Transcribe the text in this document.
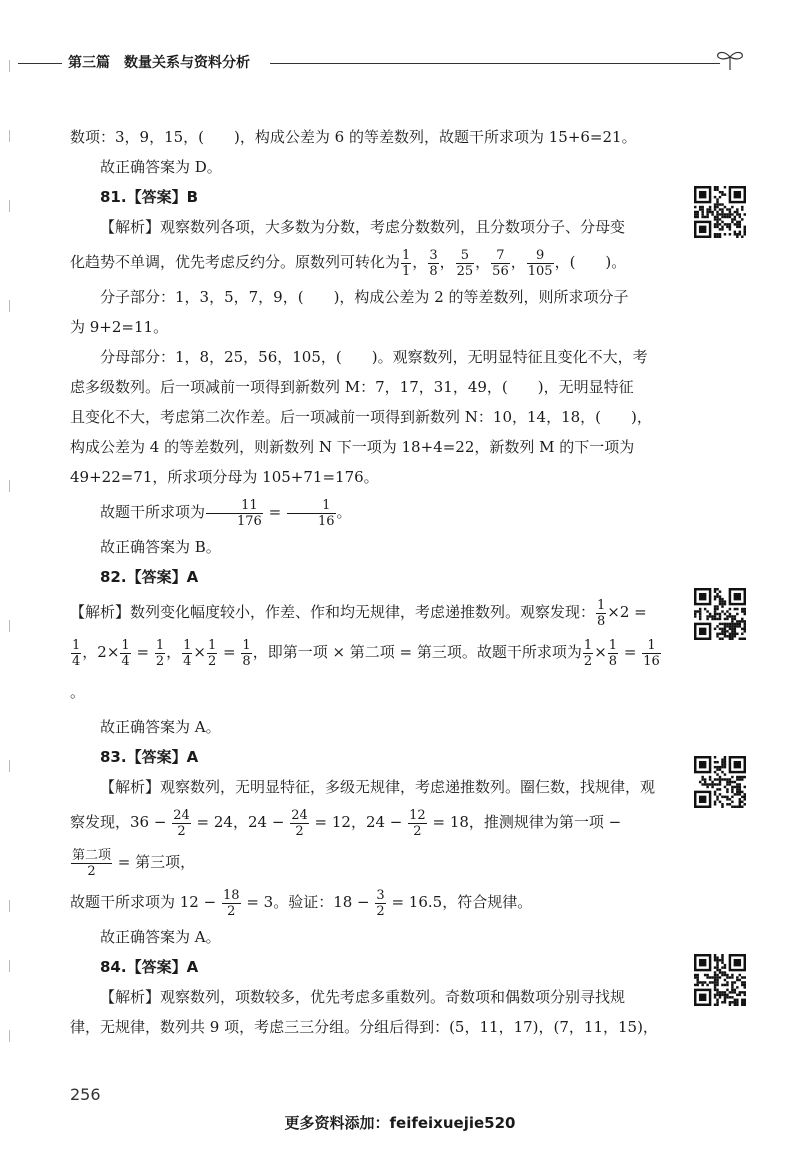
第三篇　数量关系与资料分析

数项：3，9，15，(　　)，构成公差为 6 的等差数列，故题干所求项为 15+6=21。

故正确答案为 D。

81.【答案】B

【解析】观察数列各项，大多数为分数，考虑分数数列，且分数项分子、分母变

化趋势不单调，优先考虑反约分。原数列可转化为 $\frac{1}{1}$ ， $\frac{3}{8}$ ， $\frac{5}{25}$ ， $\frac{7}{56}$ ， $\frac{9}{105}$ ，(　　)。

分子部分：1，3，5，7，9，(　　)，构成公差为 2 的等差数列，则所求项分子

为 9+2=11。

分母部分：1，8，25，56，105，(　　)。观察数列，无明显特征且变化不大，考

虑多级数列。后一项减前一项得到新数列 M：7，17，31，49，(　　)，无明显特征

且变化不大，考虑第二次作差。后一项减前一项得到新数列 N：10，14，18，(　　)，

构成公差为 4 的等差数列，则新数列 N 下一项为 18+4=22，新数列 M 的下一项为

49+22=71，所求项分母为 105+71=176。

故题干所求项为 $\frac{11}{176} = \frac{1}{16}$ 。

故正确答案为 B。

82.【答案】A

【解析】数列变化幅度较小，作差、作和均无规律，考虑递推数列。观察发现： $\frac{1}{8} \times 2$ =

$\frac{1}{4}$ ，$2\times \frac{1}{4} = \frac{1}{2}$ ， $\frac{1}{4} \times \frac{1}{2} = \frac{1}{8}$ ，即第一项 × 第二项 = 第三项。故题干所求项为 $\frac{1}{2} \times \frac{1}{8} = \frac{1}{16}$
。

故正确答案为 A。

83.【答案】A

【解析】观察数列，无明显特征，多级无规律，考虑递推数列。圈仨数，找规律，观

察发现，$36 - \frac{24}{2} = 24$，$24 - \frac{24}{2} = 12$，$24 - \frac{12}{2} = 18$，推测规律为第一项 −
$\frac{\text{第二项}}{2}$ = 第三项，

故题干所求项为 $12 - \frac{18}{2} = 3$。验证：$18 - \frac{3}{2} = 16.5$，符合规律。

故正确答案为 A。

84.【答案】A

【解析】观察数列，项数较多，优先考虑多重数列。奇数项和偶数项分别寻找规

律，无规律，数列共 9 项，考虑三三分组。分组后得到：(5，11，17)，(7，11，15)，

256
更多资料添加：feifeixuejie520
